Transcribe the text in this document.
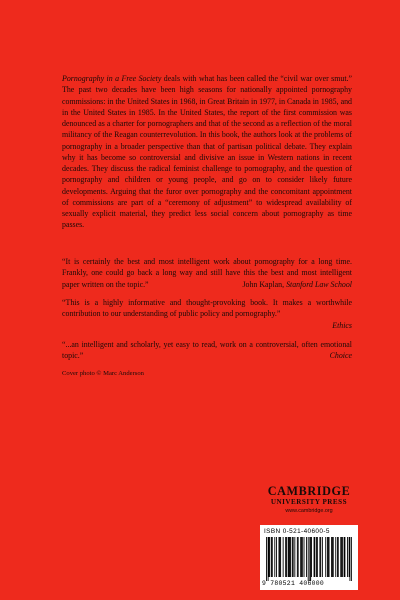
Pornography in a Free Society deals with what has been called the “civil war over smut.” The past two decades have been high seasons for nationally appointed pornography commissions: in the United States in 1968, in Great Britain in 1977, in Canada in 1985, and in the United States in 1985. In the United States, the report of the first commission was denounced as a charter for pornographers and that of the second as a reflection of the moral militancy of the Reagan counterrevolution. In this book, the authors look at the problems of pornography in a broader perspective than that of partisan political debate. They explain why it has become so controversial and divisive an issue in Western nations in recent decades. They discuss the radical feminist challenge to pornography, and the question of pornography and children or young people, and go on to consider likely future developments. Arguing that the furor over pornography and the concomitant appointment of commissions are part of a “ceremony of adjustment” to widespread availability of sexually explicit material, they predict less social concern about pornography as time passes.

“It is certainly the best and most intelligent work about pornography for a long time. Frankly, one could go back a long way and still have this the best and most intelligent paper written on the topic.”	John Kaplan, Stanford Law School
“This is a highly informative and thought-provoking book. It makes a worthwhile contribution to our understanding of public policy and pornography.”
Ethics
“...an intelligent and scholarly, yet easy to read, work on a controversial, often emotional topic.”	Choice
Cover photo © Marc Anderson
CAMBRIDGE
UNIVERSITY PRESS
www.cambridge.org
ISBN 0-521-40600-5
9 780521 406000
